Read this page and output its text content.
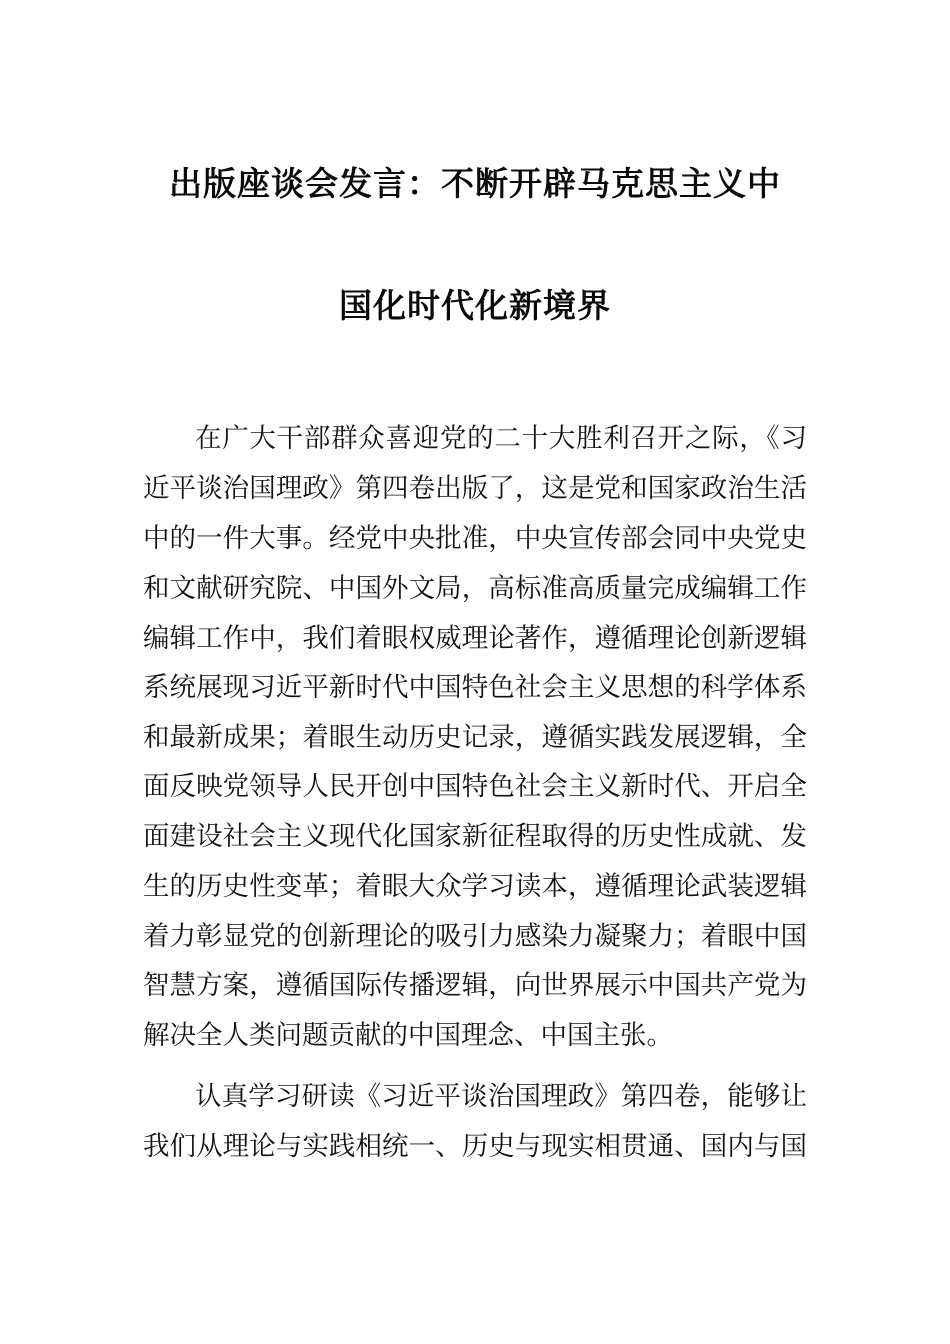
出版座谈会发言：不断开辟马克思主义中
国化时代化新境界
在广大干部群众喜迎党的二十大胜利召开之际，《习
近平谈治国理政》第四卷出版了，这是党和国家政治生活
中的一件大事。经党中央批准，中央宣传部会同中央党史
和文献研究院、中国外文局，高标准高质量完成编辑工作
编辑工作中，我们着眼权威理论著作，遵循理论创新逻辑
系统展现习近平新时代中国特色社会主义思想的科学体系
和最新成果；着眼生动历史记录，遵循实践发展逻辑，全
面反映党领导人民开创中国特色社会主义新时代、开启全
面建设社会主义现代化国家新征程取得的历史性成就、发
生的历史性变革；着眼大众学习读本，遵循理论武装逻辑
着力彰显党的创新理论的吸引力感染力凝聚力；着眼中国
智慧方案，遵循国际传播逻辑，向世界展示中国共产党为
解决全人类问题贡献的中国理念、中国主张。
认真学习研读《习近平谈治国理政》第四卷，能够让
我们从理论与实践相统一、历史与现实相贯通、国内与国
